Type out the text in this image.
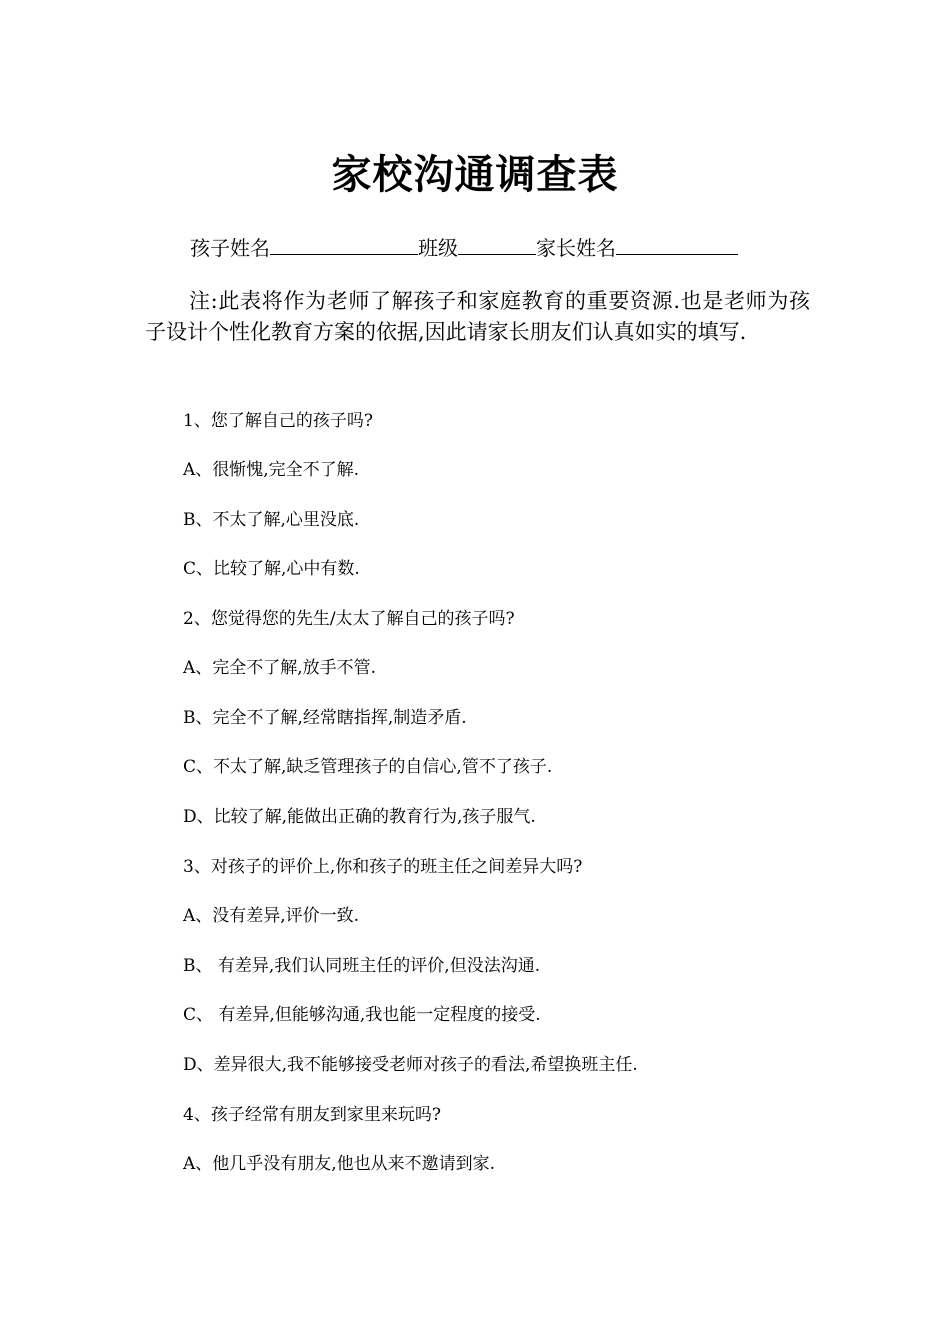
家校沟通调查表
孩子姓名	班级	家长姓名
注:此表将作为老师了解孩子和家庭教育的重要资源.也是老师为孩子设计个性化教育方案的依据,因此请家长朋友们认真如实的填写.
1、您了解自己的孩子吗?
A、很惭愧,完全不了解.
B、不太了解,心里没底.
C、比较了解,心中有数.
2、您觉得您的先生/太太了解自己的孩子吗?
A、完全不了解,放手不管.
B、完全不了解,经常瞎指挥,制造矛盾.
C、不太了解,缺乏管理孩子的自信心,管不了孩子.
D、比较了解,能做出正确的教育行为,孩子服气.
3、对孩子的评价上,你和孩子的班主任之间差异大吗?
A、没有差异,评价一致.
B、 有差异,我们认同班主任的评价,但没法沟通.
C、 有差异,但能够沟通,我也能一定程度的接受.
D、差异很大,我不能够接受老师对孩子的看法,希望换班主任.
4、孩子经常有朋友到家里来玩吗?
A、他几乎没有朋友,他也从来不邀请到家.
